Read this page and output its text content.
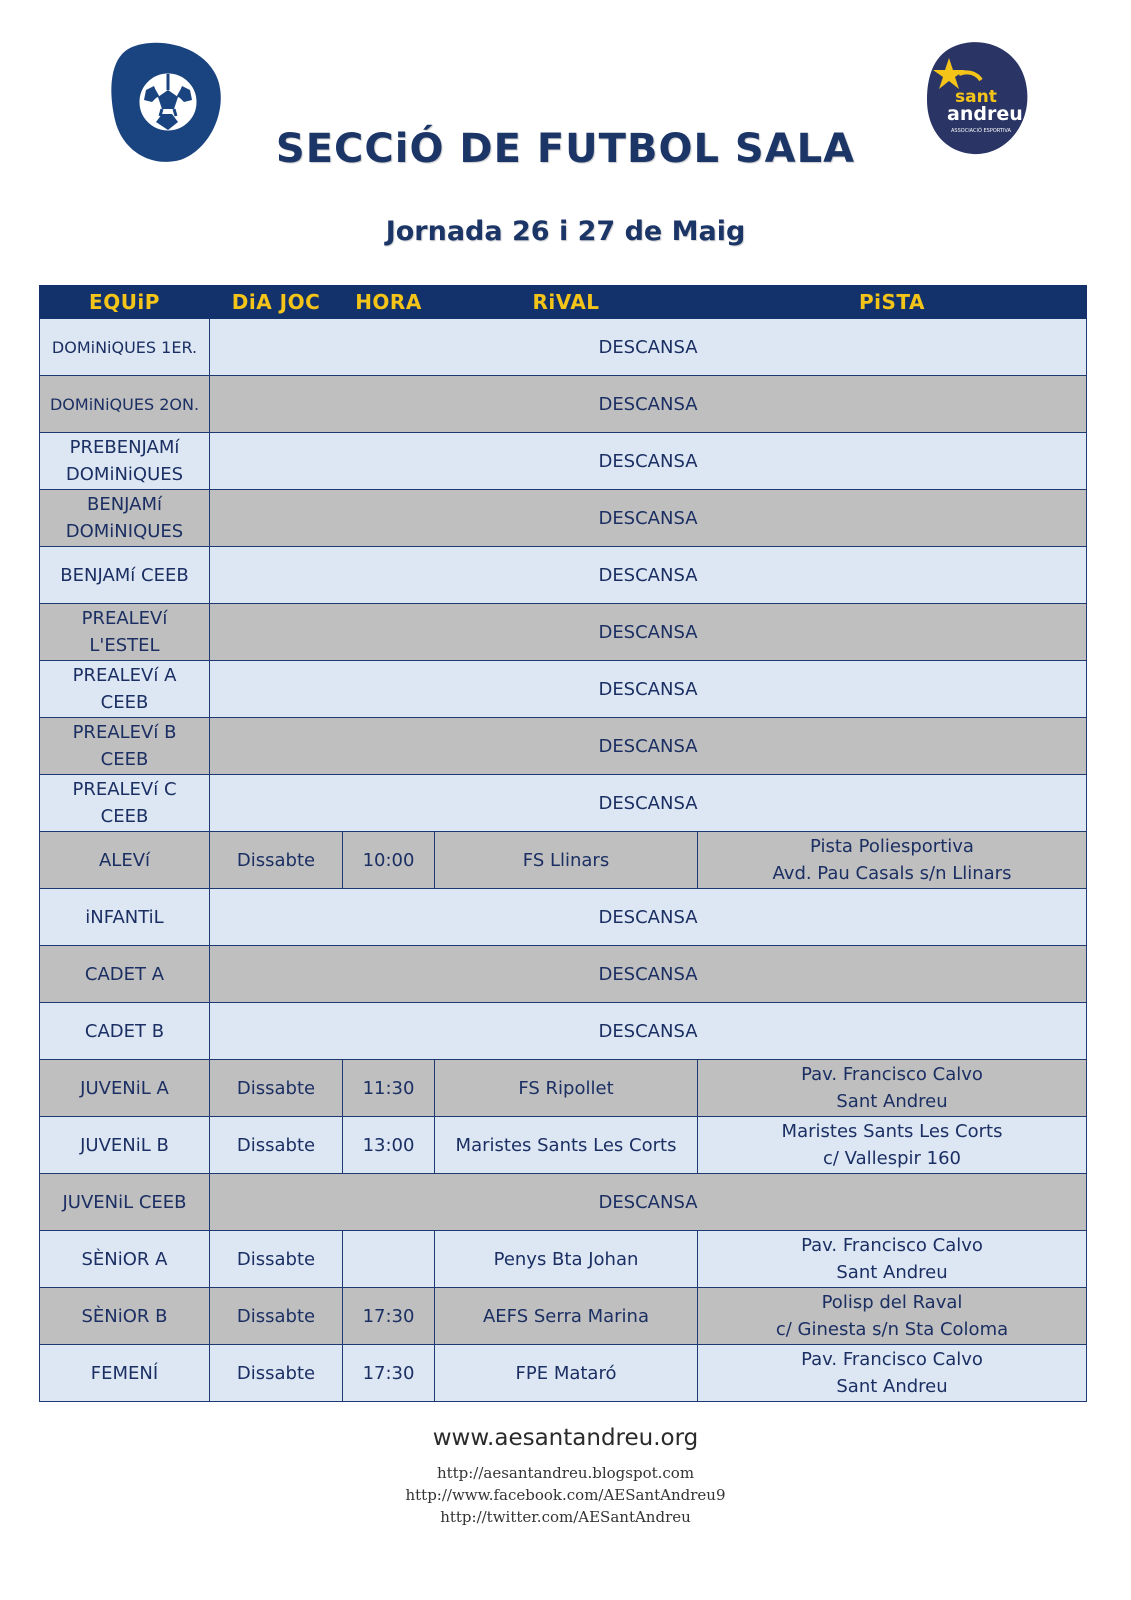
sant
andreu
ASSOCIACIÓ ESPORTIVA
SECCiÓ DE FUTBOL SALA
Jornada 26 i 27 de Maig
EQUiP	DiA JOC	HORA	RiVAL	PiSTA
DOMiNiQUES 1ER.	DESCANSA			
DOMiNiQUES 2ON.	DESCANSA			
PREBENJAMí DOMiNiQUES	DESCANSA			
BENJAMí DOMiNIQUES	DESCANSA			
BENJAMí CEEB	DESCANSA			
PREALEVí L'ESTEL	DESCANSA			
PREALEVí A CEEB	DESCANSA			
PREALEVí B CEEB	DESCANSA			
PREALEVí C CEEB	DESCANSA			
ALEVí	Dissabte	10:00	FS Llinars	Pista Poliesportiva
Avd. Pau Casals s/n Llinars

iNFANTiL	DESCANSA			
CADET A	DESCANSA			
CADET B	DESCANSA			
JUVENiL A	Dissabte	11:30	FS Ripollet	Pav. Francisco Calvo
Sant Andreu

JUVENiL B	Dissabte	13:00	Maristes Sants Les Corts	Maristes Sants Les Corts
c/ Vallespir 160

JUVENiL CEEB	DESCANSA			
SÈNiOR A	Dissabte		Penys Bta Johan	Pav. Francisco Calvo
Sant Andreu

SÈNiOR B	Dissabte	17:30	AEFS Serra Marina	Polisp del Raval
c/ Ginesta s/n Sta Coloma

FEMENÍ	Dissabte	17:30	FPE Mataró	Pav. Francisco Calvo
Sant Andreu
www.aesantandreu.org
http://aesantandreu.blogspot.com
http://www.facebook.com/AESantAndreu9
http://twitter.com/AESantAndreu
